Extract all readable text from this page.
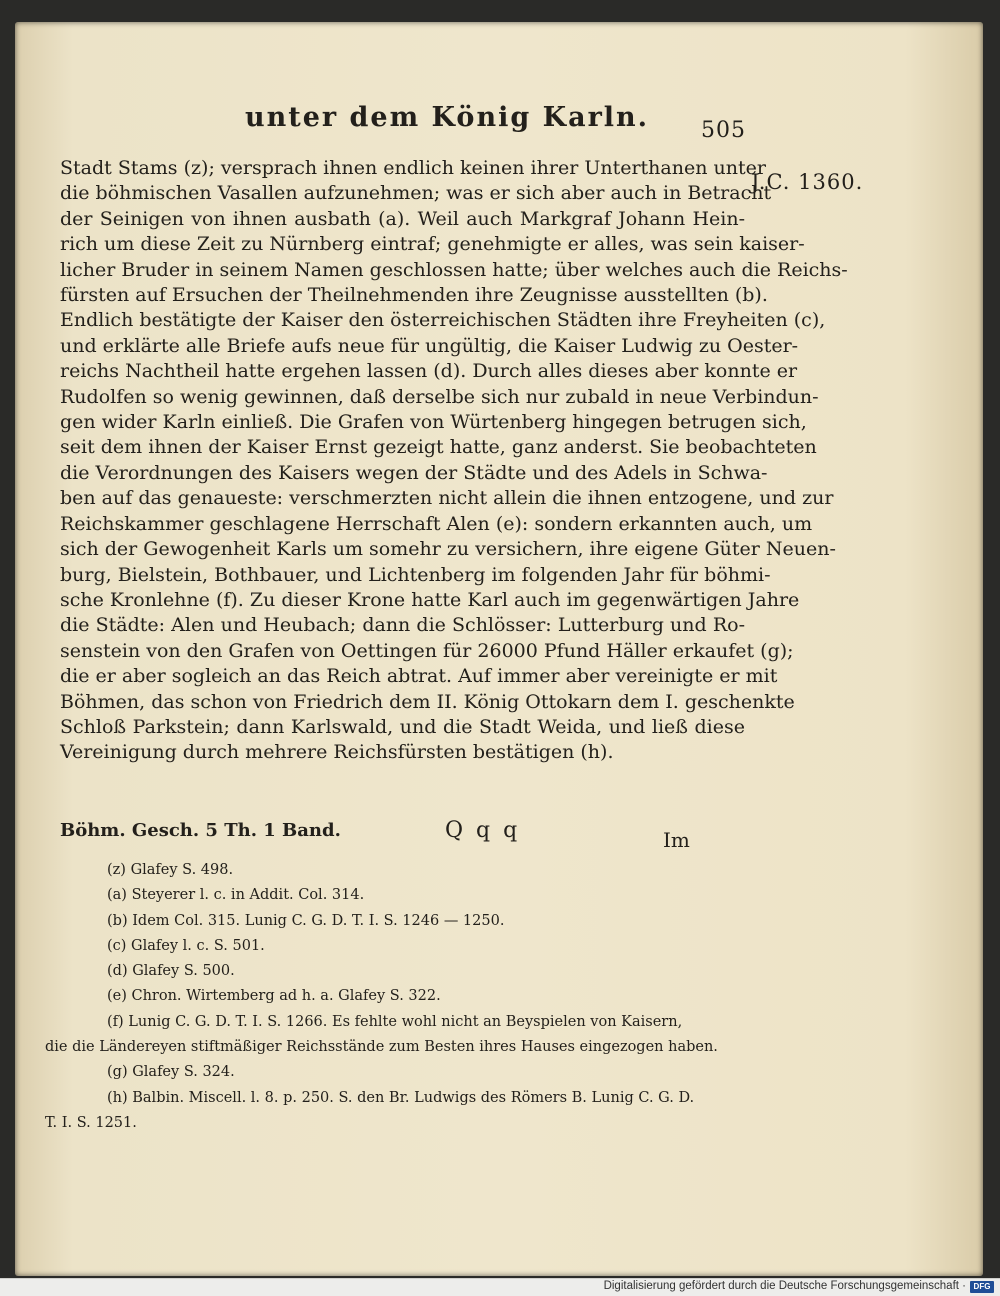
unter dem König Karln. 505
J.C. 1360.
Stadt Stams (z); versprach ihnen endlich keinen ihrer Unterthanen unter
die böhmischen Vasallen aufzunehmen; was er sich aber auch in Betracht
der Seinigen von ihnen ausbath (a). Weil auch Markgraf Johann Hein-
rich um diese Zeit zu Nürnberg eintraf; genehmigte er alles, was sein kaiser-
licher Bruder in seinem Namen geschlossen hatte; über welches auch die Reichs-
fürsten auf Ersuchen der Theilnehmenden ihre Zeugnisse ausstellten (b).
Endlich bestätigte der Kaiser den österreichischen Städten ihre Freyheiten (c),
und erklärte alle Briefe aufs neue für ungültig, die Kaiser Ludwig zu Oester-
reichs Nachtheil hatte ergehen lassen (d). Durch alles dieses aber konnte er
Rudolfen so wenig gewinnen, daß derselbe sich nur zubald in neue Verbindun-
gen wider Karln einließ. Die Grafen von Würtenberg hingegen betrugen sich,
seit dem ihnen der Kaiser Ernst gezeigt hatte, ganz anderst. Sie beobachteten
die Verordnungen des Kaisers wegen der Städte und des Adels in Schwa-
ben auf das genaueste: verschmerzten nicht allein die ihnen entzogene, und zur
Reichskammer geschlagene Herrschaft Alen (e): sondern erkannten auch, um
sich der Gewogenheit Karls um somehr zu versichern, ihre eigene Güter Neuen-
burg, Bielstein, Bothbauer, und Lichtenberg im folgenden Jahr für böhmi-
sche Kronlehne (f). Zu dieser Krone hatte Karl auch im gegenwärtigen Jahre
die Städte: Alen und Heubach; dann die Schlösser: Lutterburg und Ro-
senstein von den Grafen von Oettingen für 26000 Pfund Häller erkaufet (g);
die er aber sogleich an das Reich abtrat. Auf immer aber vereinigte er mit
Böhmen, das schon von Friedrich dem II. König Ottokarn dem I. geschenkte
Schloß Parkstein; dann Karlswald, und die Stadt Weida, und ließ diese
Vereinigung durch mehrere Reichsfürsten bestätigen (h).
Böhm. Gesch. 5 Th. 1 Band.	Q q q	Im
(z) Glafey S. 498.
(a) Steyerer l. c. in Addit. Col. 314.
(b) Idem Col. 315. Lunig C. G. D. T. I. S. 1246 — 1250.
(c) Glafey l. c. S. 501.
(d) Glafey S. 500.
(e) Chron. Wirtemberg ad h. a. Glafey S. 322.
(f) Lunig C. G. D. T. I. S. 1266. Es fehlte wohl nicht an Beyspielen von Kaisern,
die die Ländereyen stiftmäßiger Reichsstände zum Besten ihres Hauses eingezogen haben.
(g) Glafey S. 324.
(h) Balbin. Miscell. l. 8. p. 250. S. den Br. Ludwigs des Römers B. Lunig C. G. D.
T. I. S. 1251.
Digitalisierung gefördert durch die Deutsche Forschungsgemeinschaft · DFG
